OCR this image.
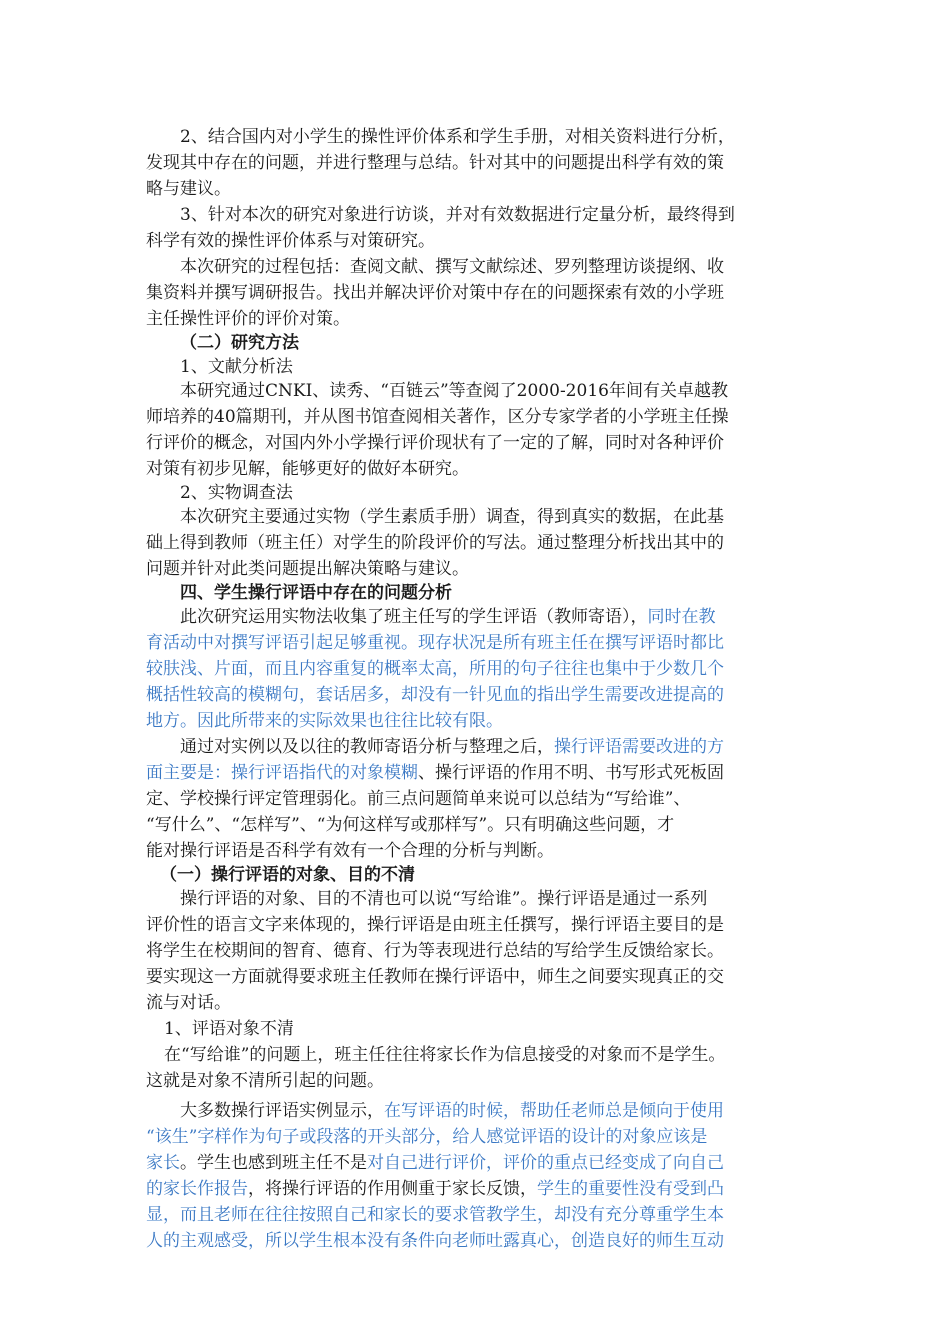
2、结合国内对小学生的操性评价体系和学生手册，对相关资料进行分析，
发现其中存在的问题，并进行整理与总结。针对其中的问题提出科学有效的策
略与建议。
3、针对本次的研究对象进行访谈，并对有效数据进行定量分析，最终得到
科学有效的操性评价体系与对策研究。
本次研究的过程包括：查阅文献、撰写文献综述、罗列整理访谈提纲、收
集资料并撰写调研报告。找出并解决评价对策中存在的问题探索有效的小学班
主任操性评价的评价对策。
（二）研究方法
1、文献分析法
本研究通过CNKI、读秀、“百链云”等查阅了2000-2016年间有关卓越教
师培养的40篇期刊，并从图书馆查阅相关著作，区分专家学者的小学班主任操
行评价的概念，对国内外小学操行评价现状有了一定的了解，同时对各种评价
对策有初步见解，能够更好的做好本研究。
2、实物调查法
本次研究主要通过实物（学生素质手册）调查，得到真实的数据，在此基
础上得到教师（班主任）对学生的阶段评价的写法。通过整理分析找出其中的
问题并针对此类问题提出解决策略与建议。
四、学生操行评语中存在的问题分析
此次研究运用实物法收集了班主任写的学生评语（教师寄语），同时在教
育活动中对撰写评语引起足够重视。现存状况是所有班主任在撰写评语时都比
较肤浅、片面，而且内容重复的概率太高，所用的句子往往也集中于少数几个
概括性较高的模糊句，套话居多，却没有一针见血的指出学生需要改进提高的
地方。因此所带来的实际效果也往往比较有限。
通过对实例以及以往的教师寄语分析与整理之后，操行评语需要改进的方
面主要是：操行评语指代的对象模糊、操行评语的作用不明、书写形式死板固
定、学校操行评定管理弱化。前三点问题简单来说可以总结为“写给谁”、
“写什么”、“怎样写”、“为何这样写或那样写”。只有明确这些问题，才
能对操行评语是否科学有效有一个合理的分析与判断。
（一）操行评语的对象、目的不清
操行评语的对象、目的不清也可以说“写给谁”。操行评语是通过一系列
评价性的语言文字来体现的，操行评语是由班主任撰写，操行评语主要目的是
将学生在校期间的智育、德育、行为等表现进行总结的写给学生反馈给家长。
要实现这一方面就得要求班主任教师在操行评语中，师生之间要实现真正的交
流与对话。
1、评语对象不清
在“写给谁”的问题上，班主任往往将家长作为信息接受的对象而不是学生。
这就是对象不清所引起的问题。
大多数操行评语实例显示，在写评语的时候，帮助任老师总是倾向于使用
“该生”字样作为句子或段落的开头部分，给人感觉评语的设计的对象应该是
家长。学生也感到班主任不是对自己进行评价，评价的重点已经变成了向自己
的家长作报告，将操行评语的作用侧重于家长反馈，学生的重要性没有受到凸
显，而且老师在往往按照自己和家长的要求管教学生，却没有充分尊重学生本
人的主观感受，所以学生根本没有条件向老师吐露真心，创造良好的师生互动
